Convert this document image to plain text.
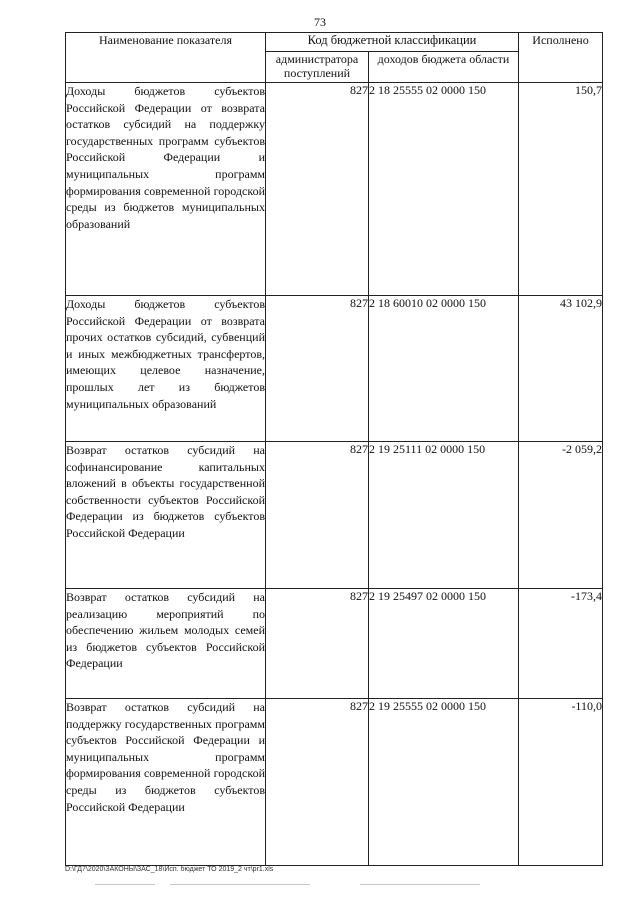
73
Наименование показателя	Код бюджетной классификации		Исполнено
	администратора поступлений	доходов бюджета области	
Доходы бюджетов субъектов Российской Федерации от возврата остатков субсидий на поддержку государственных программ субъектов Российской Федерации и муниципальных программ формирования современной городской среды из бюджетов муниципальных образований	827	2 18 25555 02 0000 150	150,7
Доходы бюджетов субъектов Российской Федерации от возврата прочих остатков субсидий, субвенций и иных межбюджетных трансфертов, имеющих целевое назначение, прошлых лет из бюджетов муниципальных образований	827	2 18 60010 02 0000 150	43 102,9
Возврат остатков субсидий на софинансирование капитальных вложений в объекты государственной собственности субъектов Российской Федерации из бюджетов субъектов Российской Федерации	827	2 19 25111 02 0000 150	-2 059,2
Возврат остатков субсидий на реализацию мероприятий по обеспечению жильем молодых семей из бюджетов субъектов Российской Федерации	827	2 19 25497 02 0000 150	-173,4
Возврат остатков субсидий на поддержку государственных программ субъектов Российской Федерации и муниципальных программ формирования современной городской среды из бюджетов субъектов Российской Федерации	827	2 19 25555 02 0000 150	-110,0
D:\ГД7\2020\ЗАКОНЫ\ЗАС_18\Исп. бюджет ТО 2019_2 чт\pr1.xls
